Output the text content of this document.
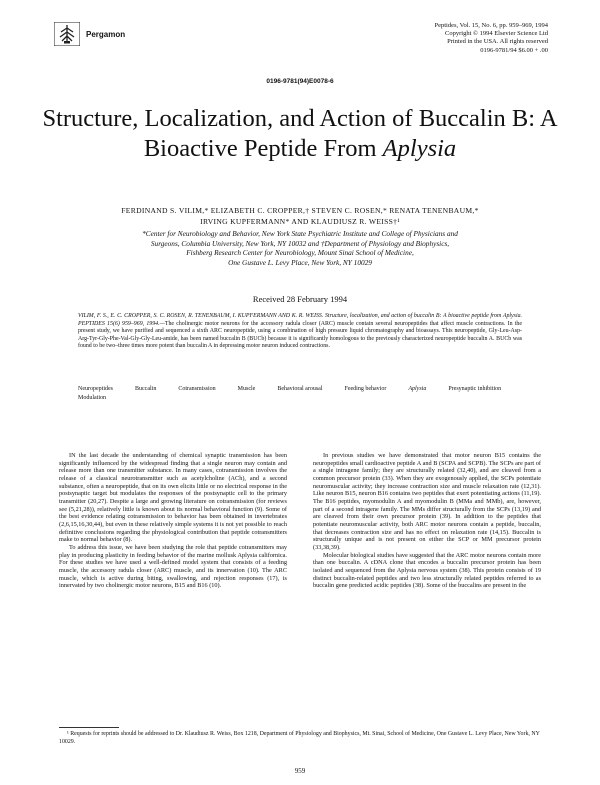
Pergamon
Peptides, Vol. 15, No. 6, pp. 959–969, 1994
Copyright © 1994 Elsevier Science Ltd
Printed in the USA. All rights reserved
0196-9781/94 $6.00 + .00
0196-9781(94)E0078-6
Structure, Localization, and Action of Buccalin B: A Bioactive Peptide From Aplysia
FERDINAND S. VILIM,* ELIZABETH C. CROPPER,† STEVEN C. ROSEN,* RENATA TENENBAUM,*
IRVING KUPFERMANN* AND KLAUDIUSZ R. WEISS†¹
*Center for Neurobiology and Behavior, New York State Psychiatric Institute and College of Physicians and
Surgeons, Columbia University, New York, NY 10032 and †Department of Physiology and Biophysics,
Fishberg Research Center for Neurobiology, Mount Sinai School of Medicine,
One Gustave L. Levy Place, New York, NY 10029
Received 28 February 1994
VILIM, F. S., E. C. CROPPER, S. C. ROSEN, R. TENENBAUM, I. KUPFERMANN AND K. R. WEISS. Structure, localization, and action of buccalin B: A bioactive peptide from Aplysia. PEPTIDES 15(6) 959–969, 1994.—The cholinergic motor neurons for the accessory radula closer (ARC) muscle contain several neuropeptides that affect muscle contractions. In the present study, we have purified and sequenced a sixth ARC neuropeptide, using a combination of high pressure liquid chromatography and bioassays. This neuropeptide, Gly-Leu-Asp-Arg-Tyr-Gly-Phe-Val-Gly-Gly-Leu-amide, has been named buccalin B (BUCb) because it is significantly homologous to the previously characterized neuropeptide buccalin A. BUCb was found to be two–three times more potent than buccalin A in depressing motor neuron induced contractions.
Neuropeptides	Buccalin	Cotransmission	Muscle	Behavioral arousal	Feeding behavior	Aplysia	Presynaptic inhibition
Modulation

IN the last decade the understanding of chemical synaptic transmission has been significantly influenced by the widespread finding that a single neuron may contain and release more than one transmitter substance. In many cases, cotransmission involves the release of a classical neurotransmitter such as acetylcholine (ACh), and a second substance, often a neuropeptide, that on its own elicits little or no electrical response in the postsynaptic target but modulates the responses of the postsynaptic cell to the primary transmitter (20,27). Despite a large and growing literature on cotransmission (for reviews see (5,21,28)), relatively little is known about its normal behavioral function (9). Some of the best evidence relating cotransmission to behavior has been obtained in invertebrates (2,6,15,16,30,44), but even in these relatively simple systems it is not yet possible to reach definitive conclusions regarding the physiological contribution that peptide cotransmitters make to normal behavior (8).

To address this issue, we have been studying the role that peptide cotransmitters may play in producing plasticity in feeding behavior of the marine mollusk Aplysia californica. For these studies we have used a well-defined model system that consists of a feeding muscle, the accessory radula closer (ARC) muscle, and its innervation (10). The ARC muscle, which is active during biting, swallowing, and rejection responses (17), is innervated by two cholinergic motor neurons, B15 and B16 (10).

In previous studies we have demonstrated that motor neuron B15 contains the neuropeptides small cardioactive peptide A and B (SCPA and SCPB). The SCPs are part of a single intragene family; they are structurally related (32,40), and are cleaved from a common precursor protein (33). When they are exogenously applied, the SCPs potentiate neuromuscular activity; they increase contraction size and muscle relaxation rate (12,31). Like neuron B15, neuron B16 contains two peptides that exert potentiating actions (11,19). The B16 peptides, myomodulin A and myomodulin B (MMa and MMb), are, however, part of a second intragene family. The MMs differ structurally from the SCPs (13,19) and are cleaved from their own precursor protein (39). In addition to the peptides that potentiate neuromuscular activity, both ARC motor neurons contain a peptide, buccalin, that decreases contraction size and has no effect on relaxation rate (14,15). Buccalin is structurally unique and is not present on either the SCP or MM precursor protein (33,38,39).

Molecular biological studies have suggested that the ARC motor neurons contain more than one buccalin. A cDNA clone that encodes a buccalin precursor protein has been isolated and sequenced from the Aplysia nervous system (38). This protein consists of 19 distinct buccalin-related peptides and two less structurally related peptides referred to as buccalin gene predicted acidic peptides (38). Some of the buccalins are present in the

¹ Requests for reprints should be addressed to Dr. Klaudiusz R. Weiss, Box 1218, Department of Physiology and Biophysics, Mt. Sinai, School of Medicine, One Gustave L. Levy Place, New York, NY 10029.
959
